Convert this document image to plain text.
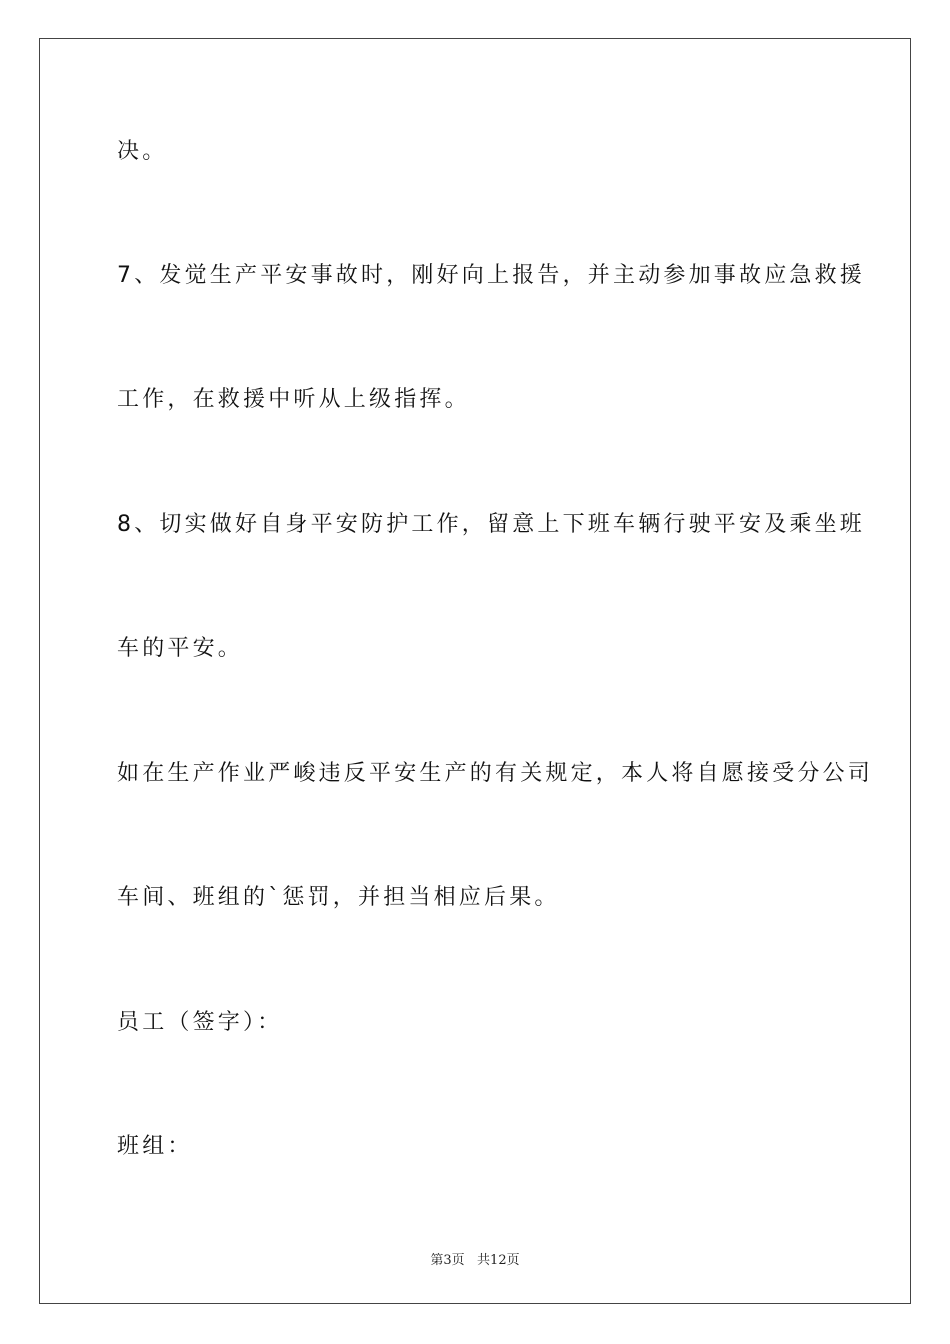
决。
7、发觉生产平安事故时，刚好向上报告，并主动参加事故应急救援
工作，在救援中听从上级指挥。
8、切实做好自身平安防护工作，留意上下班车辆行驶平安及乘坐班
车的平安。
如在生产作业严峻违反平安生产的有关规定，本人将自愿接受分公司
车间、班组的`惩罚，并担当相应后果。
员工（签字）：
班组：
第3页   共12页
